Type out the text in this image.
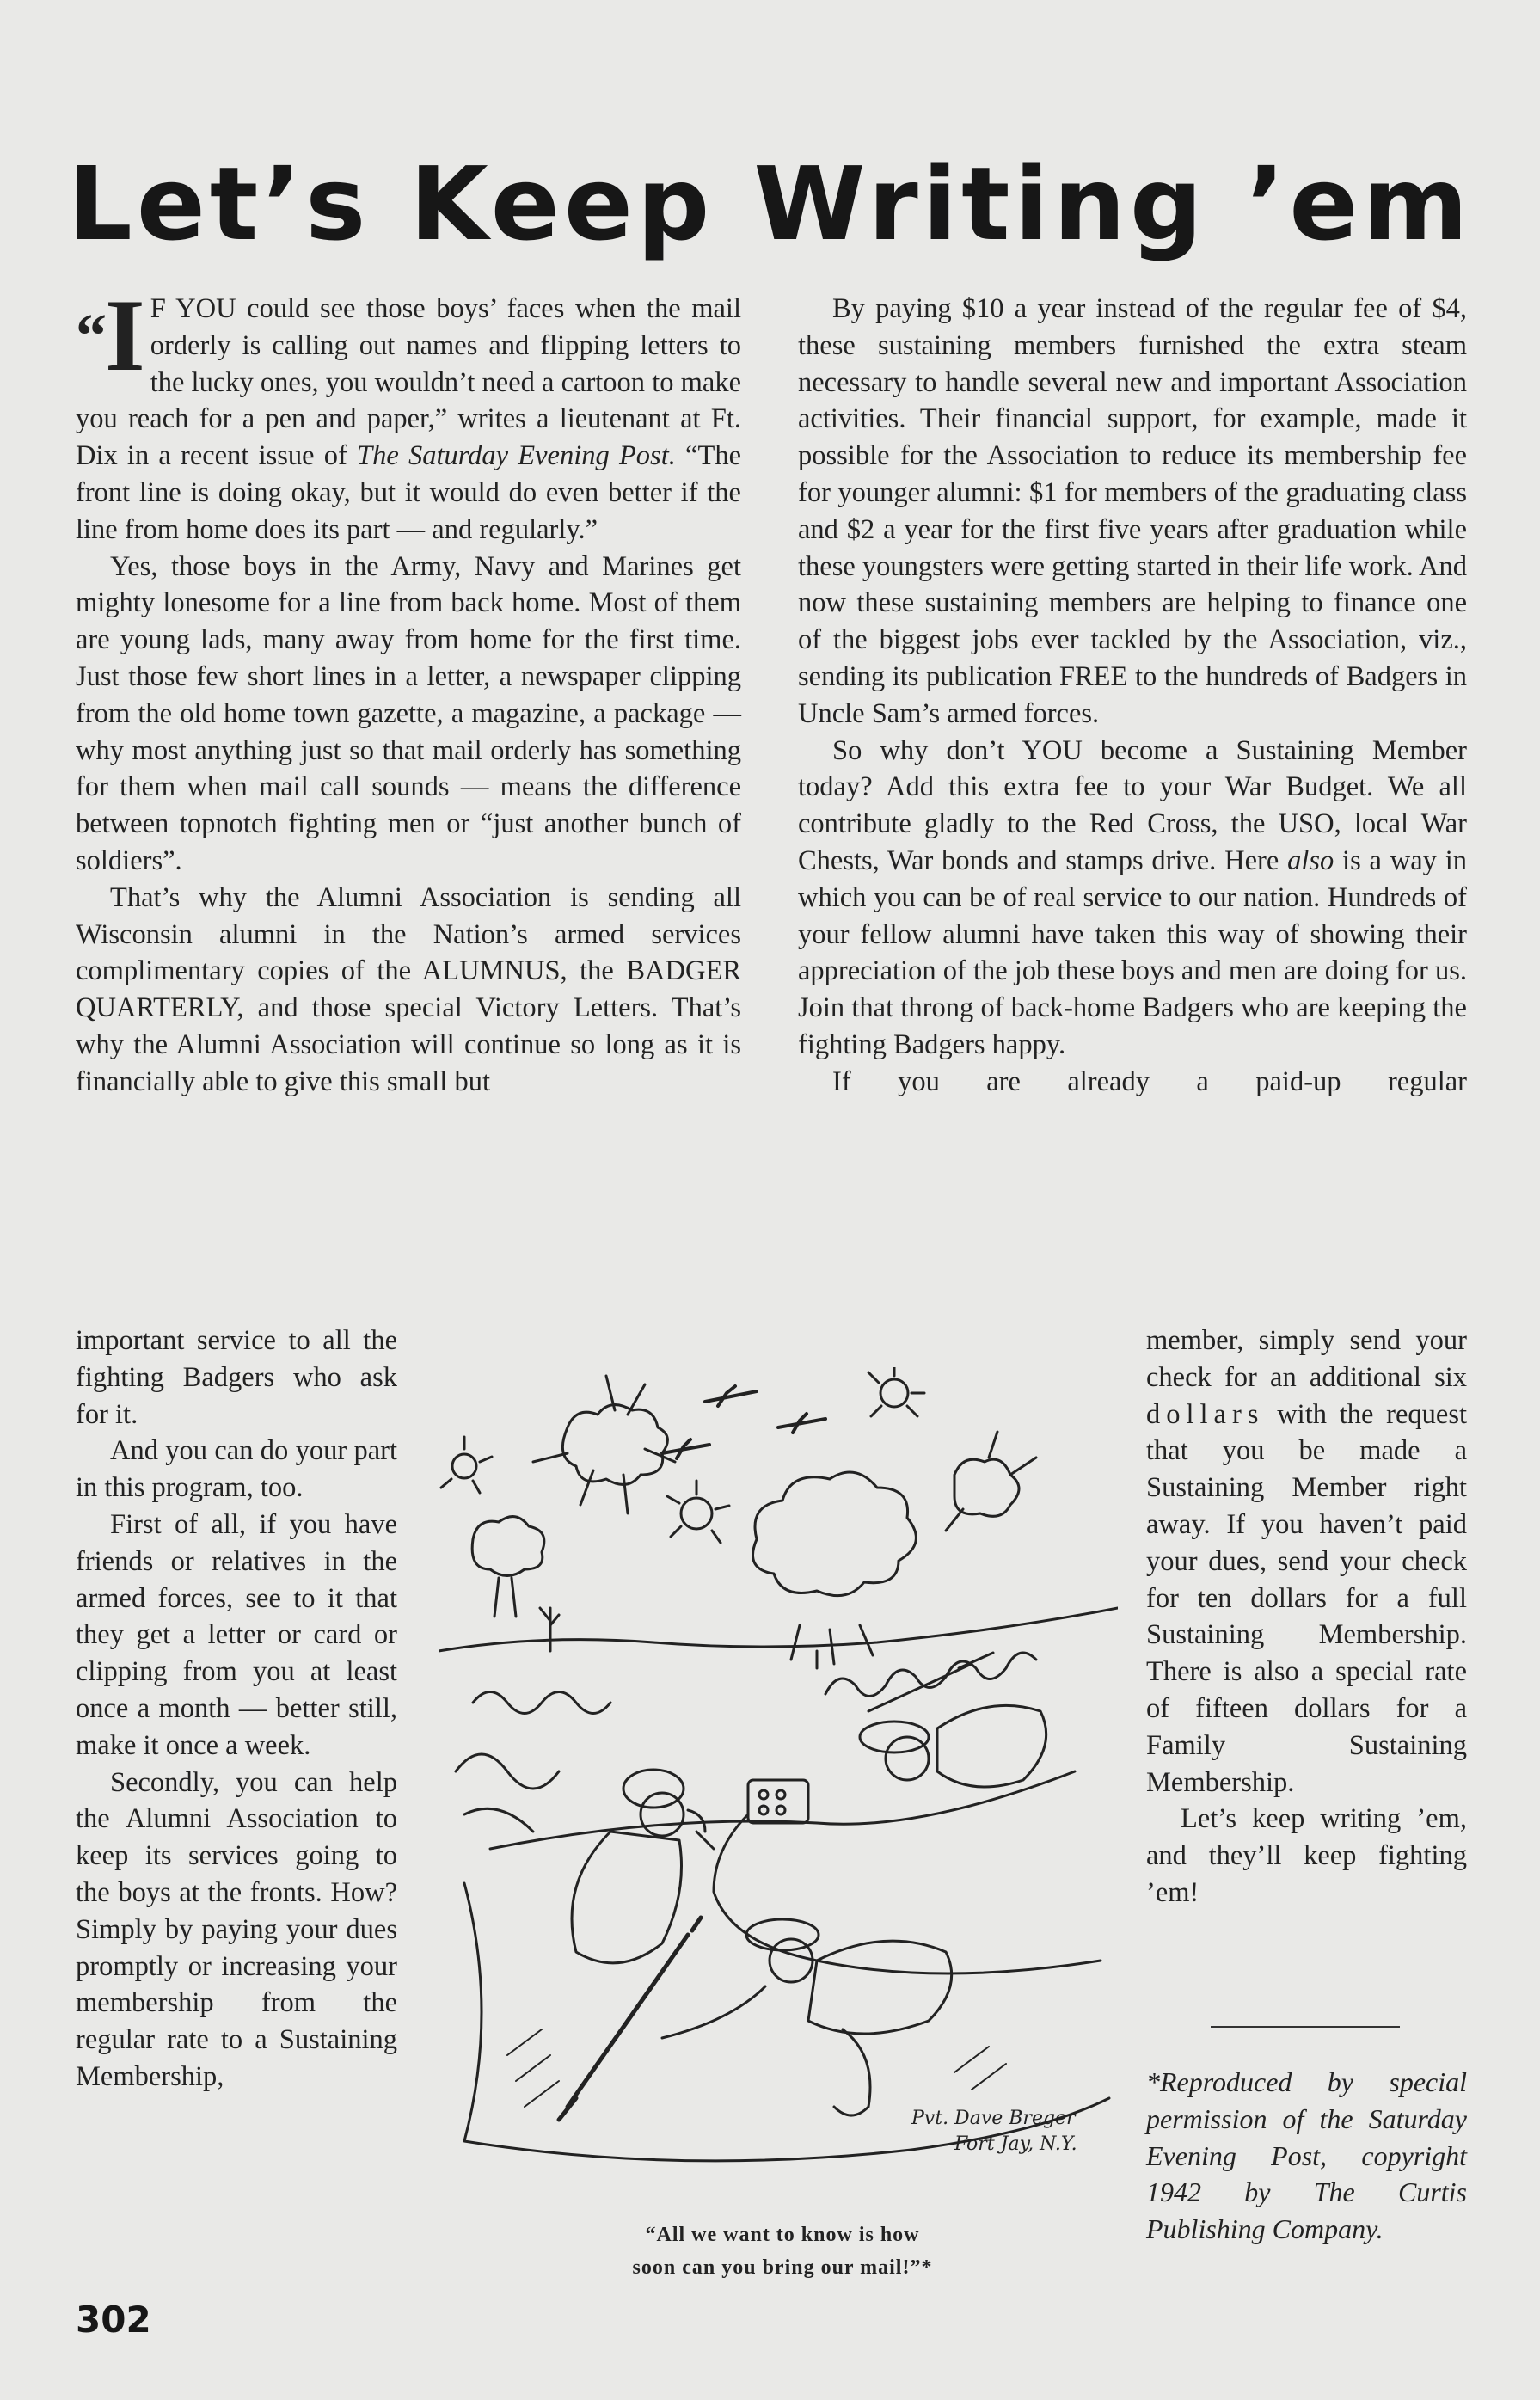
Let’s Keep Writing ’em

“I F YOU could see those boys’ faces when the mail orderly is calling out names and flipping letters to the lucky ones, you wouldn’t need a cartoon to make you reach for a pen and paper,” writes a lieutenant at Ft. Dix in a recent issue of The Saturday Evening Post. “The front line is doing okay, but it would do even better if the line from home does its part — and regularly.”

Yes, those boys in the Army, Navy and Marines get mighty lonesome for a line from back home. Most of them are young lads, many away from home for the first time. Just those few short lines in a letter, a newspaper clipping from the old home town gazette, a magazine, a package — why most anything just so that mail orderly has something for them when mail call sounds — means the difference between topnotch fighting men or “just another bunch of soldiers”.

That’s why the Alumni Association is sending all Wisconsin alumni in the Nation’s armed services complimentary copies of the ALUMNUS, the BADGER QUARTERLY, and those special Victory Letters. That’s why the Alumni Association will continue so long as it is financially able to give this small but

important service to all the fighting Badgers who ask for it.

And you can do your part in this program, too.

First of all, if you have friends or relatives in the armed forces, see to it that they get a letter or card or clipping from you at least once a month — better still, make it once a week.

Secondly, you can help the Alumni Association to keep its services going to the boys at the fronts. How? Simply by paying your dues promptly or increasing your membership from the regular rate to a Sustaining Membership,

By paying $10 a year instead of the regular fee of $4, these sustaining members furnished the extra steam necessary to handle several new and important Association activities. Their financial support, for example, made it possible for the Association to reduce its membership fee for younger alumni: $1 for members of the graduating class and $2 a year for the first five years after graduation while these youngsters were getting started in their life work. And now these sustaining members are helping to finance one of the biggest jobs ever tackled by the Association, viz., sending its publication FREE to the hundreds of Badgers in Uncle Sam’s armed forces.

So why don’t YOU become a Sustaining Member today? Add this extra fee to your War Budget. We all contribute gladly to the Red Cross, the USO, local War Chests, War bonds and stamps drive. Here also is a way in which you can be of real service to our nation. Hundreds of your fellow alumni have taken this way of showing their appreciation of the job these boys and men are doing for us. Join that throng of back-home Badgers who are keeping the fighting Badgers happy.

If you are already a paid-up regular

member, simply send your check for an additional six dollars with the request that you be made a Sustaining Member right away. If you haven’t paid your dues, send your check for ten dollars for a full Sustaining Membership. There is also a special rate of fifteen dollars for a Family Sustaining Membership.

Let’s keep writing ’em, and they’ll keep fighting ’em!

Pvt. Dave Breger
Fort Jay, N.Y.
“All we want to know is how
soon can you bring our mail!”*
*Reproduced by special permission of the Saturday Evening Post, copyright 1942 by The Curtis Publishing Company.
302
